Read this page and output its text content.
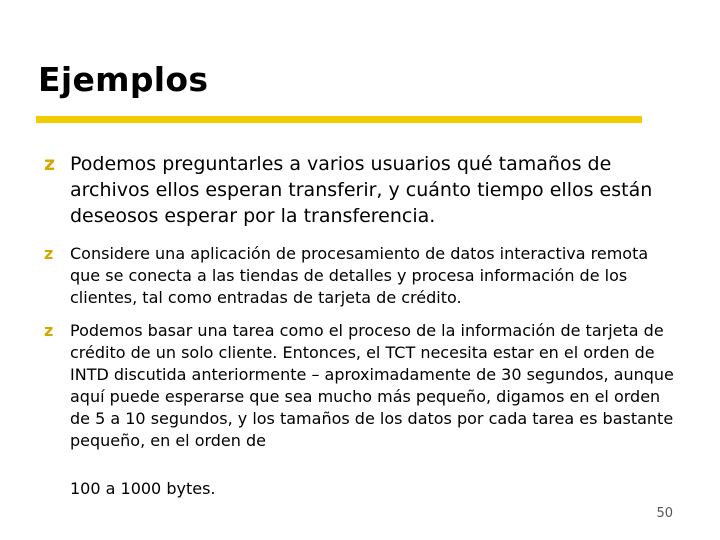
Ejemplos
z Podemos preguntarles a varios usuarios qué tamaños de archivos ellos esperan transferir, y cuánto tiempo ellos están deseosos esperar por la transferencia.
z Considere una aplicación de procesamiento de datos interactiva remota que se conecta a las tiendas de detalles y procesa información de los clientes, tal como entradas de tarjeta de crédito.
z Podemos basar una tarea como el proceso de la información de tarjeta de crédito de un solo cliente. Entonces, el TCT necesita estar en el orden de INTD discutida anteriormente – aproximadamente de 30 segundos, aunque aquí puede esperarse que sea mucho más pequeño, digamos en el orden de 5 a 10 segundos, y los tamaños de los datos por cada tarea es bastante pequeño, en el orden de
100 a 1000 bytes.
50
